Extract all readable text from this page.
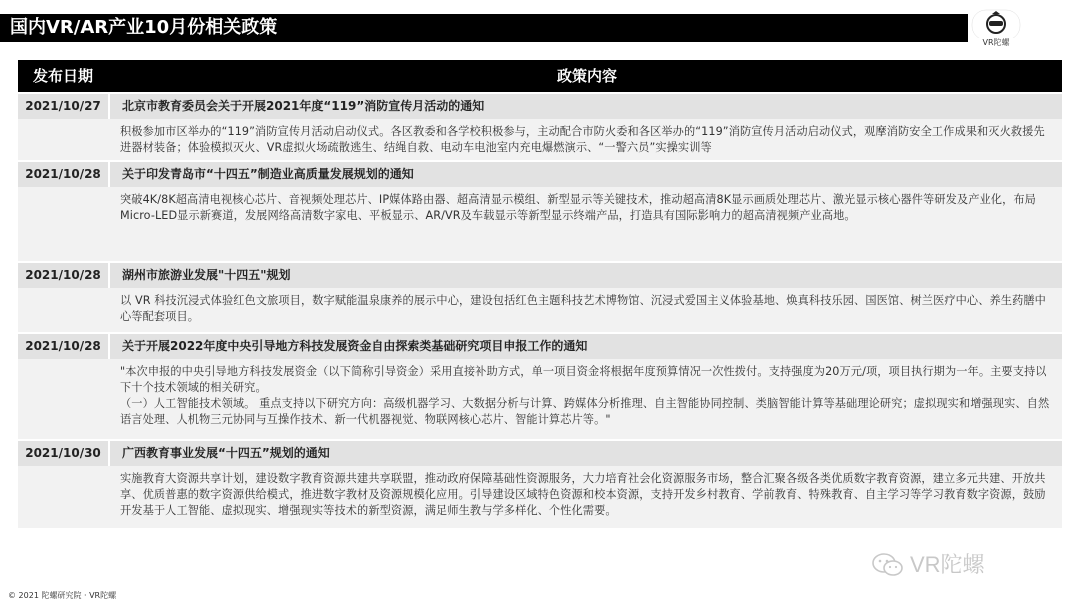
国内VR/AR产业10月份相关政策
VR陀螺
发布日期	政策内容
2021/10/27	北京市教育委员会关于开展2021年度“119”消防宣传月活动的通知
积极参加市区举办的“119”消防宣传月活动启动仪式。各区教委和各学校积极参与，主动配合市防火委和各区举办的“119”消防宣传月活动启动仪式，观摩消防安全工作成果和灭火救援先进器材装备；体验模拟灭火、VR虚拟火场疏散逃生、结绳自救、电动车电池室内充电爆燃演示、“一警六员”实操实训等
2021/10/28	关于印发青岛市“十四五”制造业高质量发展规划的通知
突破4K/8K超高清电视核心芯片、音视频处理芯片、IP媒体路由器、超高清显示模组、新型显示等关键技术，推动超高清8K显示画质处理芯片、激光显示核心器件等研发及产业化，布局Micro-LED显示新赛道，发展网络高清数字家电、平板显示、AR/VR及车载显示等新型显示终端产品，打造具有国际影响力的超高清视频产业高地。
2021/10/28	湖州市旅游业发展"十四五"规划
以 VR 科技沉浸式体验红色文旅项目，数字赋能温泉康养的展示中心，建设包括红色主题科技艺术博物馆、沉浸式爱国主义体验基地、焕真科技乐园、国医馆、树兰医疗中心、养生药膳中心等配套项目。
2021/10/28	关于开展2022年度中央引导地方科技发展资金自由探索类基础研究项目申报工作的通知
"本次申报的中央引导地方科技发展资金（以下简称引导资金）采用直接补助方式，单一项目资金将根据年度预算情况一次性拨付。支持强度为20万元/项，项目执行期为一年。主要支持以下十个技术领域的相关研究。
（一）人工智能技术领域。 重点支持以下研究方向：高级机器学习、大数据分析与计算、跨媒体分析推理、自主智能协同控制、类脑智能计算等基础理论研究；虚拟现实和增强现实、自然语言处理、人机物三元协同与互操作技术、新一代机器视觉、物联网核心芯片、智能计算芯片等。"
2021/10/30	广西教育事业发展“十四五”规划的通知
实施教育大资源共享计划，建设数字教育资源共建共享联盟，推动政府保障基础性资源服务，大力培育社会化资源服务市场，整合汇聚各级各类优质数字教育资源，建立多元共建、开放共享、优质普惠的数字资源供给模式，推进数字教材及资源规模化应用。引导建设区域特色资源和校本资源，支持开发乡村教育、学前教育、特殊教育、自主学习等学习教育数字资源，鼓励开发基于人工智能、虚拟现实、增强现实等技术的新型资源，满足师生教与学多样化、个性化需要。
VR陀螺
© 2021 陀螺研究院 · VR陀螺
